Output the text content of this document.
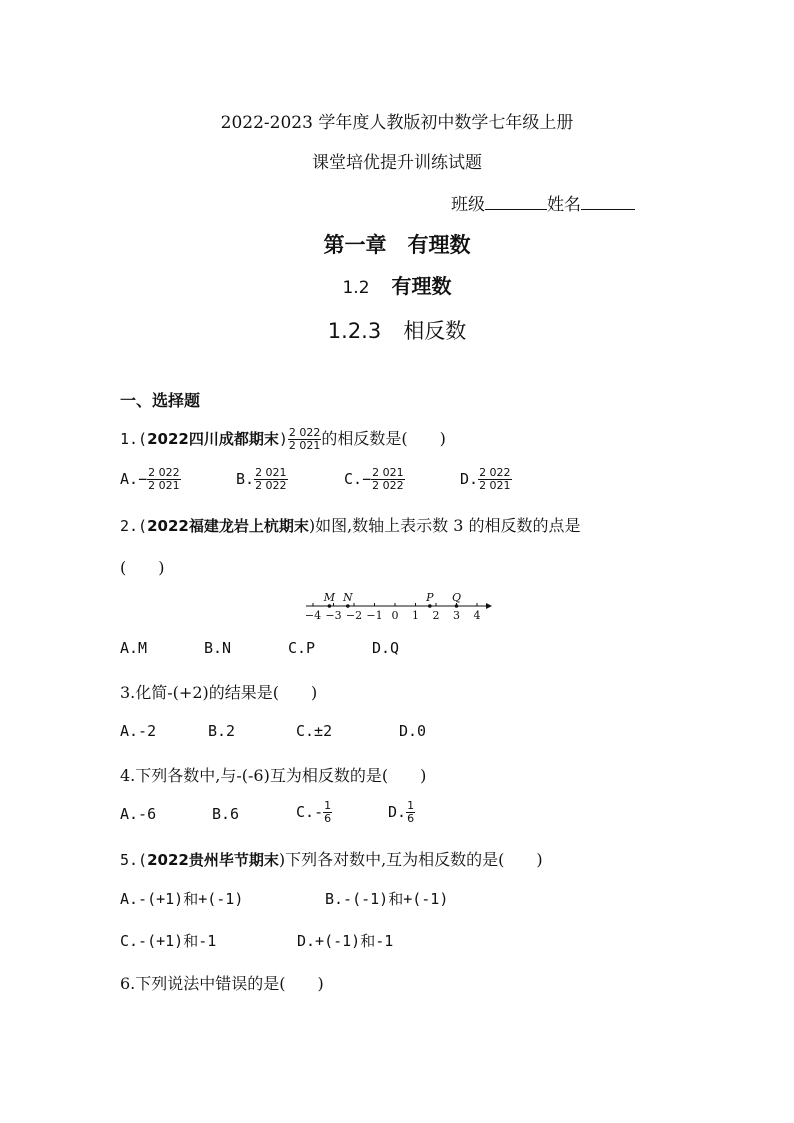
2022-2023 学年度人教版初中数学七年级上册
课堂培优提升训练试题
班级	姓名
第一章　有理数
1.2 有理数
1.2.3 相反数
一、选择题
1.(2022四川成都期末) $\frac{2 022}{2 021}$ 的相反数是(　　)
$A.- \frac{2 022}{2 021}$	B. $\frac{2 021}{2 022}$	$C.- \frac{2 021}{2 022}$	D. $\frac{2 022}{2 021}$
2.(2022福建龙岩上杭期末)如图,数轴上表示数 3 的相反数的点是
(　　)
−4 −3 −2 −1 0 1 2 3 4
M N	P Q
A.M	B.N	C.P	D.Q
3.化简-(+2)的结果是(　　)
A.-2	B.2	C.±2	D.0
4.下列各数中,与-(-6)互为相反数的是(　　)
A.-6	B.6	$C.- \frac{1}{6}$	D. $\frac{1}{6}$
5.(2022贵州毕节期末)下列各对数中,互为相反数的是(　　)
A.-(+1)和+(-1)	B.-(-1)和+(-1)
C.-(+1)和-1	D.+(-1)和-1
6.下列说法中错误的是(　　)
